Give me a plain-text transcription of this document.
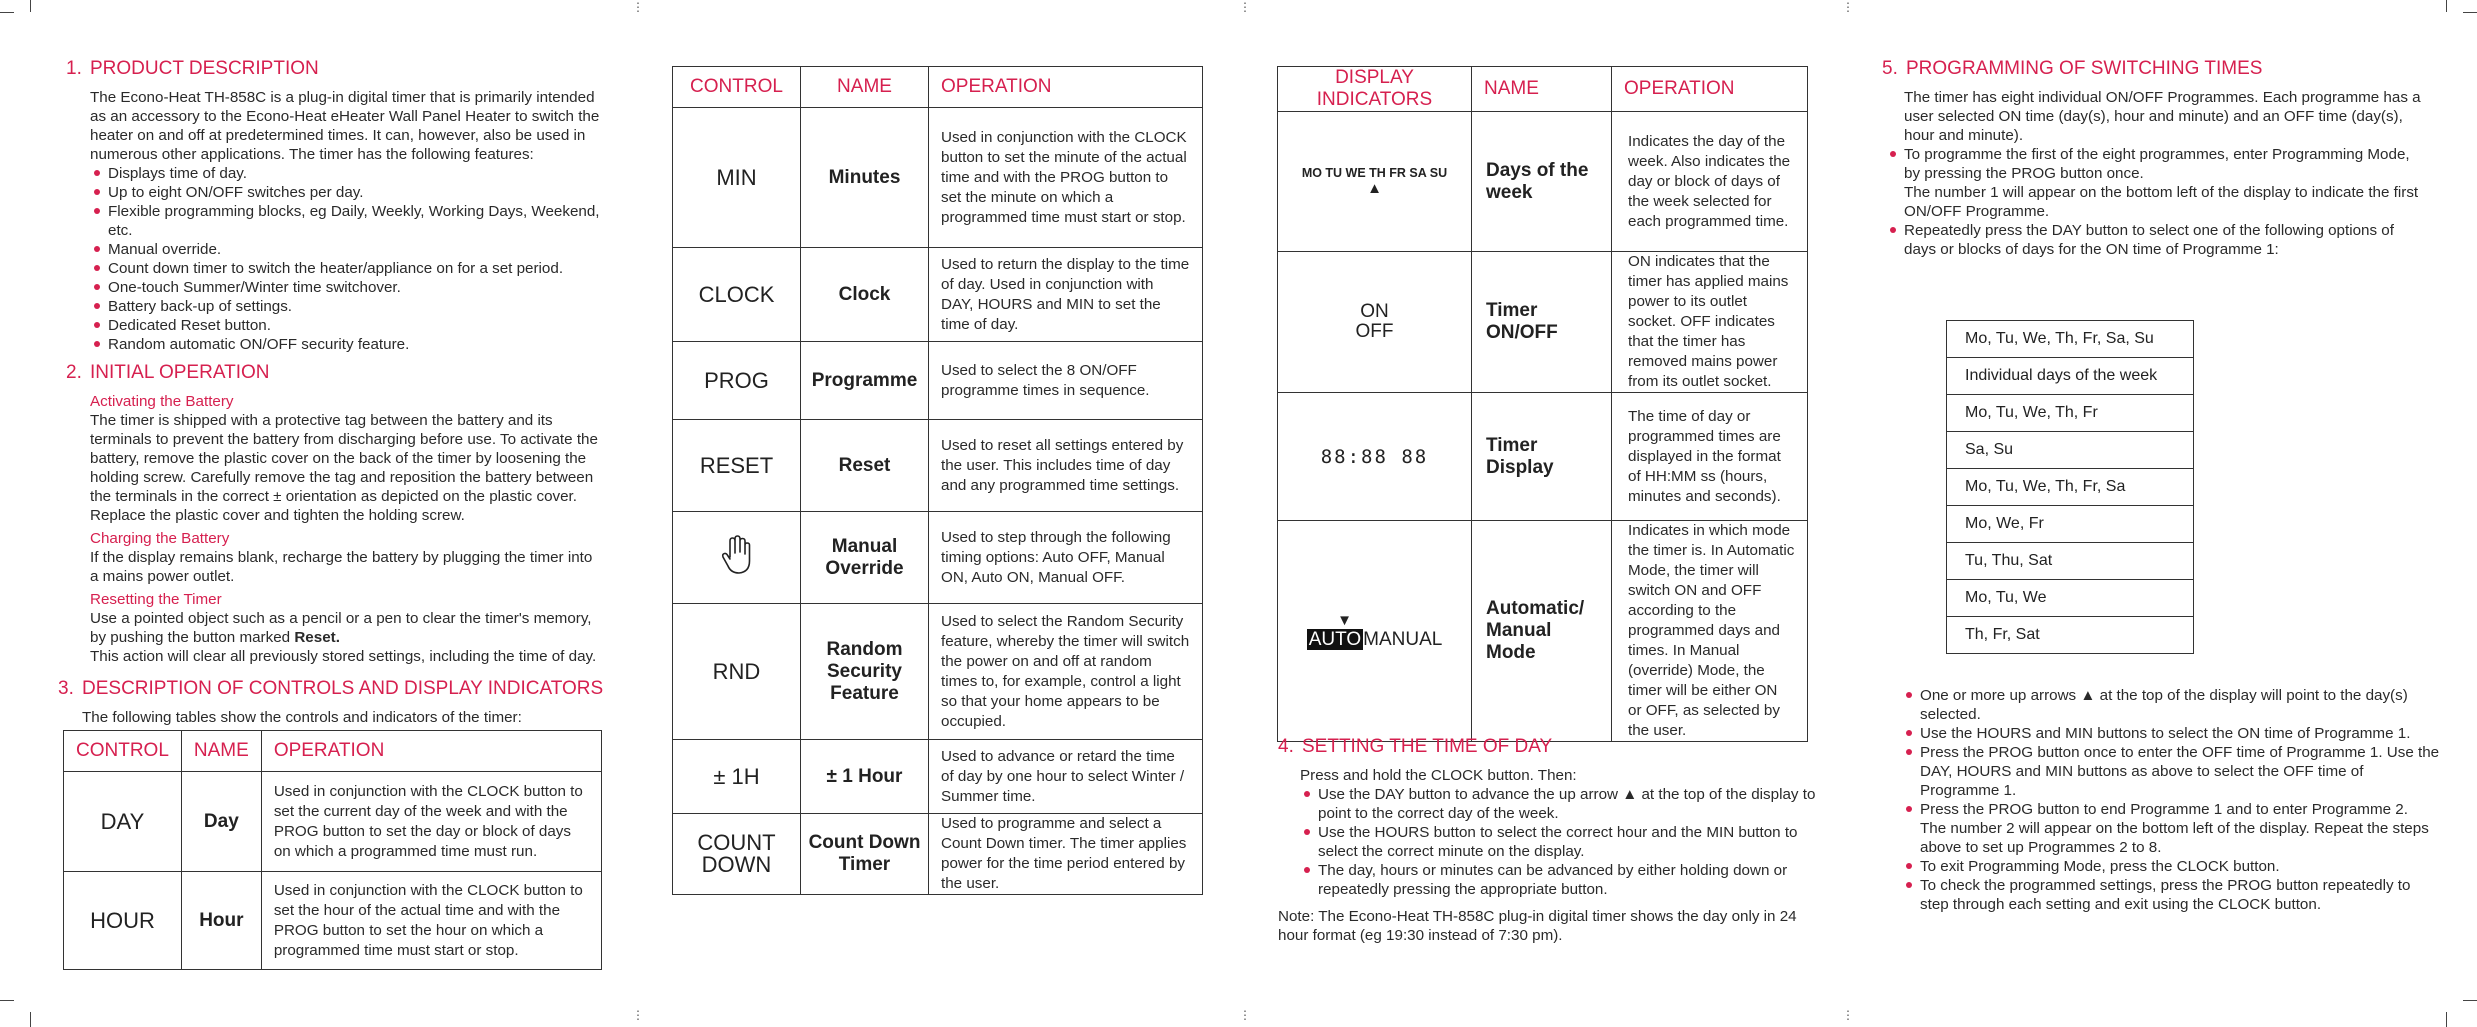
⋮	⋮	⋮
⋮	⋮	⋮
1. PRODUCT DESCRIPTION

The Econo-Heat TH-858C is a plug-in digital timer that is primarily intended as an accessory to the Econo-Heat eHeater Wall Panel Heater to switch the heater on and off at predetermined times. It can, however, also be used in numerous other applications. The timer has the following features:

Displays time of day.
Up to eight ON/OFF switches per day.
Flexible programming blocks, eg Daily, Weekly, Working Days, Weekend, etc.
Manual override.
Count down timer to switch the heater/appliance on for a set period.
One-touch Summer/Winter time switchover.
Battery back-up of settings.
Dedicated Reset button.
Random automatic ON/OFF security feature.
2. INITIAL OPERATION
Activating the Battery

The timer is shipped with a protective tag between the battery and its terminals to prevent the battery from discharging before use. To activate the battery, remove the plastic cover on the back of the timer by loosening the holding screw. Carefully remove the tag and reposition the battery between the terminals in the correct ± orientation as depicted on the plastic cover. Replace the plastic cover and tighten the holding screw.

Charging the Battery

If the display remains blank, recharge the battery by plugging the timer into a mains power outlet.

Resetting the Timer

Use a pointed object such as a pencil or a pen to clear the timer's memory, by pushing the button marked Reset.

This action will clear all previously stored settings, including the time of day.

3. DESCRIPTION OF CONTROLS AND DISPLAY INDICATORS

The following tables show the controls and indicators of the timer:

CONTROL	NAME	OPERATION
DAY	Day	Used in conjunction with the CLOCK button to set the current day of the week and with the PROG button to set the day or block of days on which a programmed time must run.
HOUR	Hour	Used in conjunction with the CLOCK button to set the hour of the actual time and with the PROG button to set the hour on which a programmed time must start or stop.
CONTROL	NAME	OPERATION
MIN	Minutes	Used in conjunction with the CLOCK button to set the minute of the actual time and with the PROG button to set the minute on which a programmed time must start or stop.
CLOCK	Clock	Used to return the display to the time of day. Used in conjunction with DAY, HOURS and MIN to set the time of day.
PROG	Programme	Used to select the 8 ON/OFF programme times in sequence.
RESET	Reset	Used to reset all settings entered by the user. This includes time of day and any programmed time settings.
	Manual Override	Used to step through the following timing options: Auto OFF, Manual ON, Auto ON, Manual OFF.
RND	Random Security Feature	Used to select the Random Security feature, whereby the timer will switch the power on and off at random times to, for example, control a light so that your home appears to be occupied.
± 1H	± 1 Hour	Used to advance or retard the time of day by one hour to select Winter / Summer time.
COUNT DOWN	Count Down Timer	Used to programme and select a Count Down timer. The timer applies power for the time period entered by the user.
DISPLAY INDICATORS	NAME	OPERATION

MO TU WE TH FR SA SU
▲	Days of the week	Indicates the day of the week. Also indicates the day or block of days of the week selected for each programmed time.

ON
OFF	Timer ON/OFF	ON indicates that the timer has applied mains power to its outlet socket. OFF indicates that the timer has removed mains power from its outlet socket.
88:88 88	Timer Display	The time of day or programmed times are displayed in the format of HH:MM ss (hours, minutes and seconds).

▼
AUTO MANUAL	Automatic/ Manual Mode	Indicates in which mode the timer is. In Automatic Mode, the timer will switch ON and OFF according to the programmed days and times. In Manual (override) Mode, the timer will be either ON or OFF, as selected by the user.
4. SETTING THE TIME OF DAY

Press and hold the CLOCK button. Then:

Use the DAY button to advance the up arrow ▲ at the top of the display to point to the correct day of the week.
Use the HOURS button to select the correct hour and the MIN button to select the correct minute on the display.
The day, hours or minutes can be advanced by either holding down or repeatedly pressing the appropriate button.

Note: The Econo-Heat TH-858C plug-in digital timer shows the day only in 24 hour format (eg 19:30 instead of 7:30 pm).

5. PROGRAMMING OF SWITCHING TIMES

The timer has eight individual ON/OFF Programmes. Each programme has a user selected ON time (day(s), hour and minute) and an OFF time (day(s), hour and minute).

To programme the first of the eight programmes, enter Programming Mode, by pressing the PROG button once.

The number 1 will appear on the bottom left of the display to indicate the first ON/OFF Programme.

Repeatedly press the DAY button to select one of the following options of days or blocks of days for the ON time of Programme 1:
Mo, Tu, We, Th, Fr, Sa, Su
Individual days of the week
Mo, Tu, We, Th, Fr
Sa, Su
Mo, Tu, We, Th, Fr, Sa
Mo, We, Fr
Tu, Thu, Sat
Mo, Tu, We
Th, Fr, Sat
One or more up arrows ▲ at the top of the display will point to the day(s) selected.
Use the HOURS and MIN buttons to select the ON time of Programme 1.
Press the PROG button once to enter the OFF time of Programme 1. Use the DAY, HOURS and MIN buttons as above to select the OFF time of Programme 1.
Press the PROG button to end Programme 1 and to enter Programme 2.
The number 2 will appear on the bottom left of the display. Repeat the steps above to set up Programmes 2 to 8.
To exit Programming Mode, press the CLOCK button.
To check the programmed settings, press the PROG button repeatedly to step through each setting and exit using the CLOCK button.
